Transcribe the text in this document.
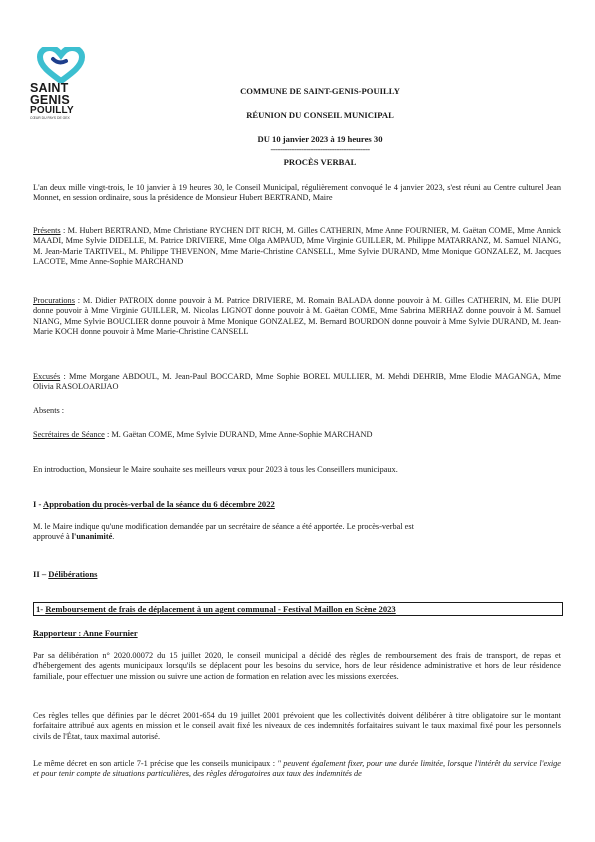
SAINT
GENIS
POUILLY
CŒUR DU PAYS DE GEX
COMMUNE DE SAINT-GENIS-POUILLY
RÉUNION DU CONSEIL MUNICIPAL
DU 10 janvier 2023 à 19 heures 30
------------------------------------------
PROCÈS VERBAL
L'an deux mille vingt-trois, le 10 janvier à 19 heures 30, le Conseil Municipal, régulièrement convoqué le 4 janvier 2023, s'est réuni au Centre culturel Jean Monnet, en session ordinaire, sous la présidence de Monsieur Hubert BERTRAND, Maire
Présents : M. Hubert BERTRAND, Mme Christiane RYCHEN DIT RICH, M. Gilles CATHERIN, Mme Anne FOURNIER, M. Gaëtan COME, Mme Annick MAADI, Mme Sylvie DIDELLE, M. Patrice DRIVIERE, Mme Olga AMPAUD, Mme Virginie GUILLER, M. Philippe MATARRANZ, M. Samuel NIANG, M. Jean-Marie TARTIVEL, M. Philippe THEVENON, Mme Marie-Christine CANSELL, Mme Sylvie DURAND, Mme Monique GONZALEZ, M. Jacques LACOTE, Mme Anne-Sophie MARCHAND
Procurations : M. Didier PATROIX donne pouvoir à M. Patrice DRIVIERE, M. Romain BALADA donne pouvoir à M. Gilles CATHERIN, M. Elie DUPI donne pouvoir à Mme Virginie GUILLER, M. Nicolas LIGNOT donne pouvoir à M. Gaëtan COME, Mme Sabrina MERHAZ donne pouvoir à M. Samuel NIANG, Mme Sylvie BOUCLIER donne pouvoir à Mme Monique GONZALEZ, M. Bernard BOURDON donne pouvoir à Mme Sylvie DURAND, M. Jean-Marie KOCH donne pouvoir à Mme Marie-Christine CANSELL
Excusés : Mme Morgane ABDOUL, M. Jean-Paul BOCCARD, Mme Sophie BOREL MULLIER, M. Mehdi DEHRIB, Mme Elodie MAGANGA, Mme Olivia RASOLOARIJAO
Absents :
Secrétaires de Séance : M. Gaëtan COME, Mme Sylvie DURAND, Mme Anne-Sophie MARCHAND
En introduction, Monsieur le Maire souhaite ses meilleurs vœux pour 2023 à tous les Conseillers municipaux.
I - Approbation du procès-verbal de la séance du 6 décembre 2022
M. le Maire indique qu'une modification demandée par un secrétaire de séance a été apportée. Le procès-verbal est approuvé à l'unanimité.
II – Délibérations
1- Remboursement de frais de déplacement à un agent communal - Festival Maillon en Scène 2023
Rapporteur : Anne Fournier
Par sa délibération n° 2020.00072 du 15 juillet 2020, le conseil municipal a décidé des règles de remboursement des frais de transport, de repas et d'hébergement des agents municipaux lorsqu'ils se déplacent pour les besoins du service, hors de leur résidence administrative et hors de leur résidence familiale, pour effectuer une mission ou suivre une action de formation en relation avec les missions exercées.
Ces règles telles que définies par le décret 2001-654 du 19 juillet 2001 prévoient que les collectivités doivent délibérer à titre obligatoire sur le montant forfaitaire attribué aux agents en mission et le conseil avait fixé les niveaux de ces indemnités forfaitaires suivant le taux maximal fixé pour les personnels civils de l'État, taux maximal autorisé.
Le même décret en son article 7-1 précise que les conseils municipaux : " peuvent également fixer, pour une durée limitée, lorsque l'intérêt du service l'exige et pour tenir compte de situations particulières, des règles dérogatoires aux taux des indemnités de
